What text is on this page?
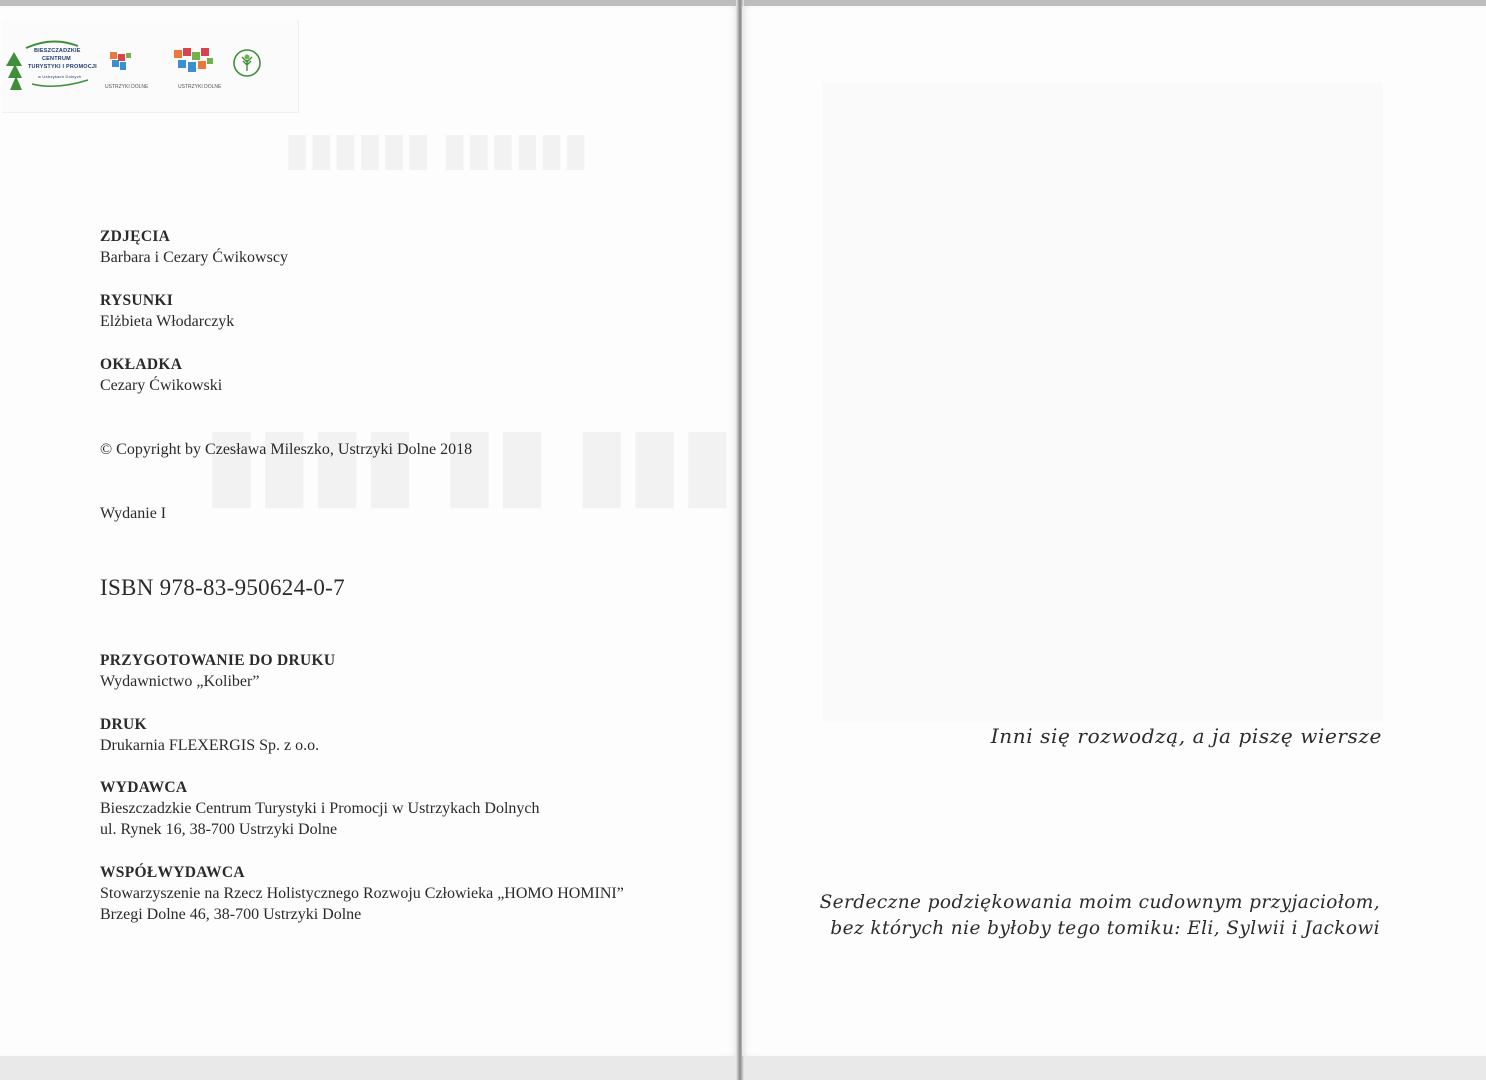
BIESZCZADZKIE
CENTRUM
TURYSTYKI I PROMOCJI
w Ustrzykach Dolnych
USTRZYKI DOLNE	USTRZYKI DOLNE
ZDJĘCIA
Barbara i Cezary Ćwikowscy
RYSUNKI
Elżbieta Włodarczyk
OKŁADKA
Cezary Ćwikowski
© Copyright by Czesława Mileszko, Ustrzyki Dolne 2018
Wydanie I
ISBN 978-83-950624-0-7
PRZYGOTOWANIE DO DRUKU
Wydawnictwo „Koliber”
DRUK
Drukarnia FLEXERGIS Sp. z o.o.
WYDAWCA
Bieszczadzkie Centrum Turystyki i Promocji w Ustrzykach Dolnych
ul. Rynek 16, 38-700 Ustrzyki Dolne
WSPÓŁWYDAWCA
Stowarzyszenie na Rzecz Holistycznego Rozwoju Człowieka „HOMO HOMINI”
Brzegi Dolne 46, 38-700 Ustrzyki Dolne
Inni się rozwodzą, a ja piszę wiersze
Serdeczne podziękowania moim cudownym przyjaciołom,
bez których nie byłoby tego tomiku: Eli, Sylwii i Jackowi
